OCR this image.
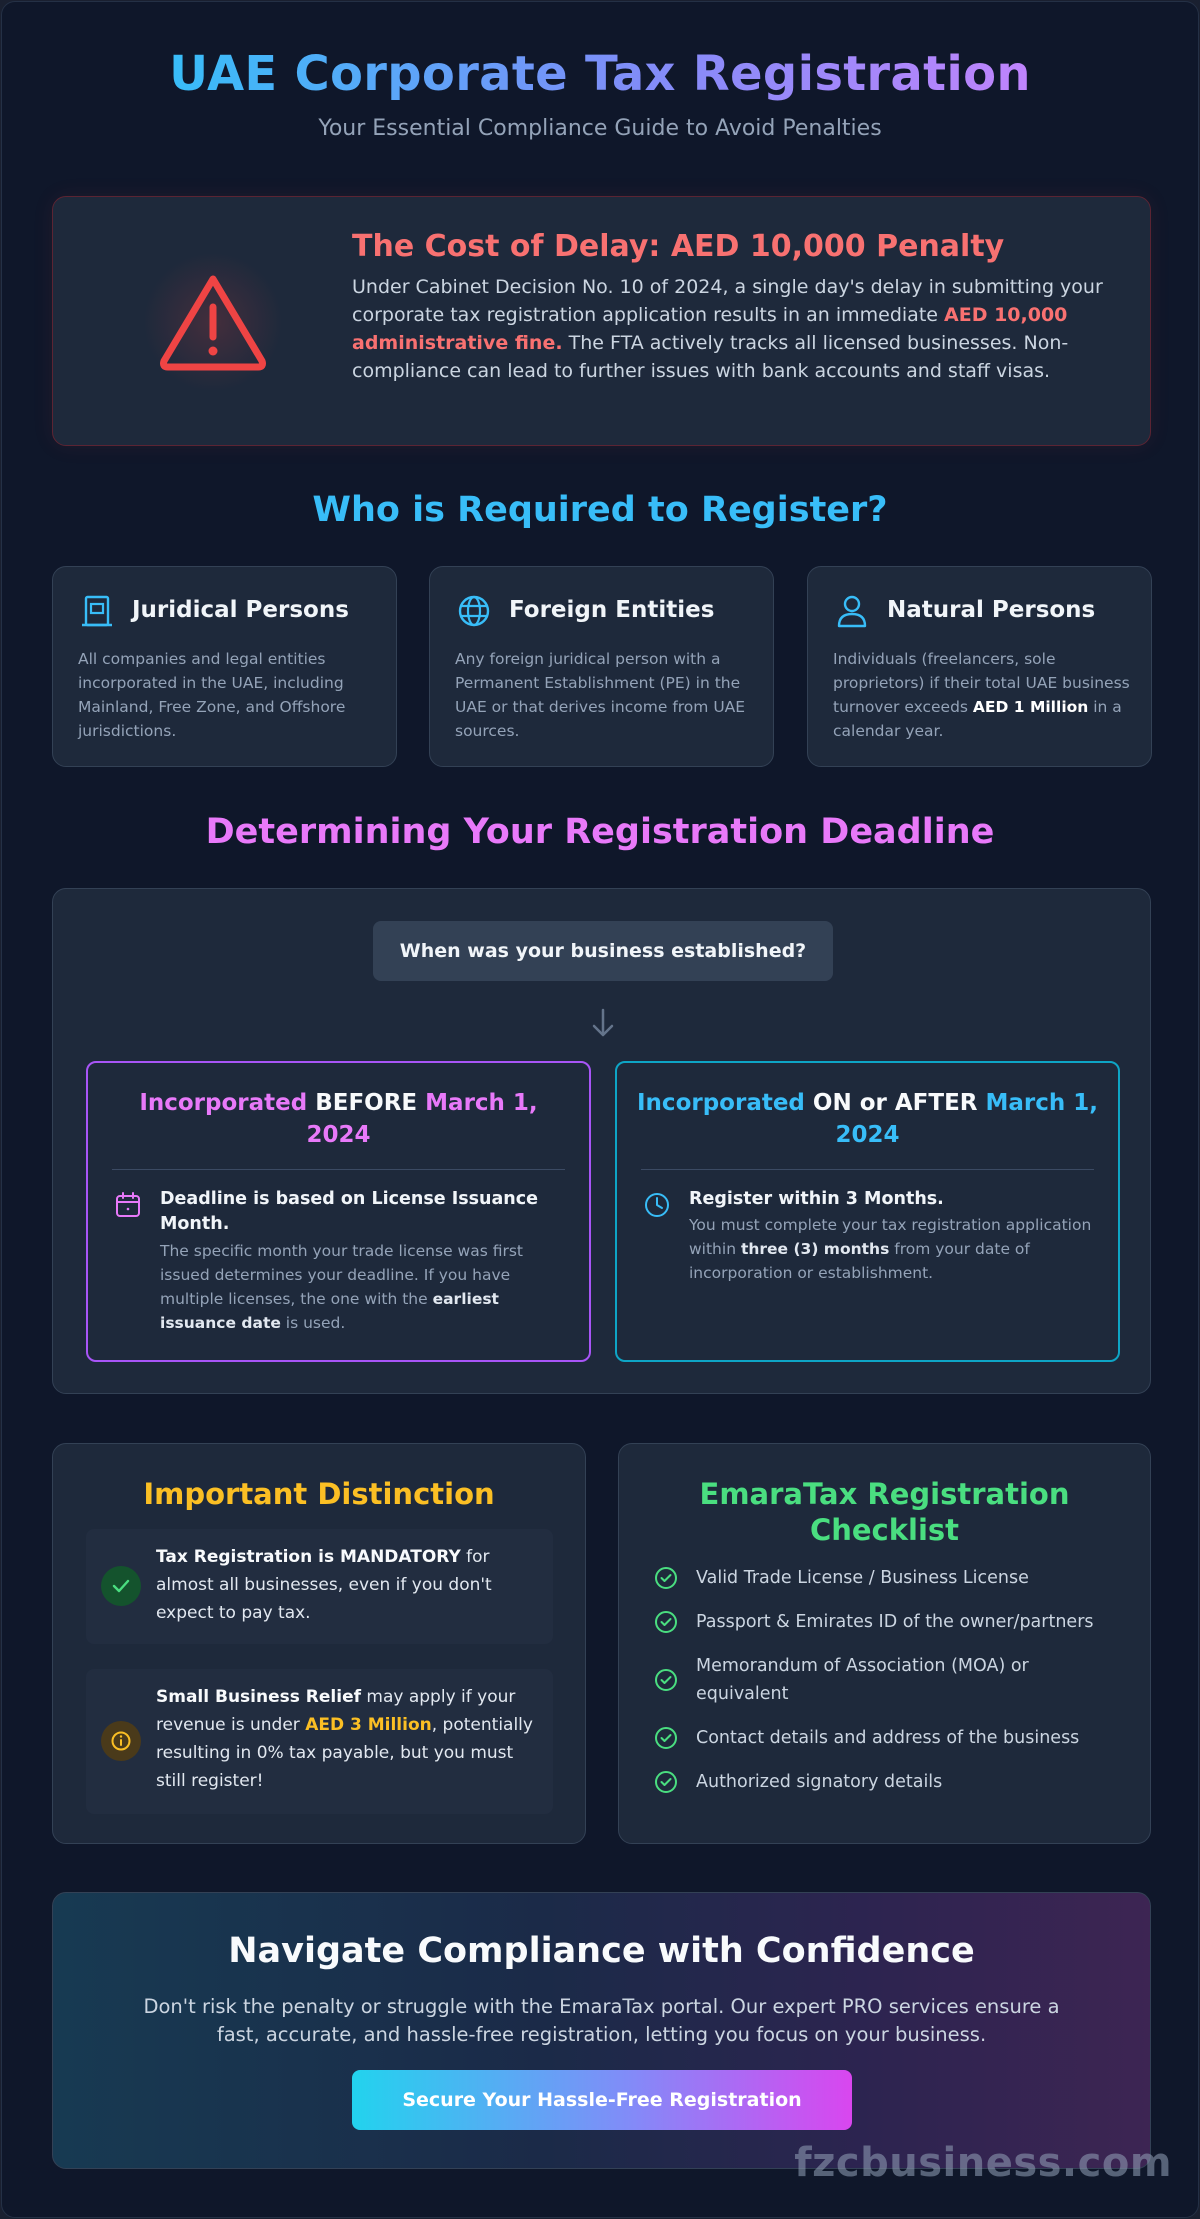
UAE Corporate Tax Registration
Your Essential Compliance Guide to Avoid Penalties
The Cost of Delay: AED 10,000 Penalty
Under Cabinet Decision No. 10 of 2024, a single day's delay in submitting your corporate tax registration application results in an immediate AED 10,000 administrative fine. The FTA actively tracks all licensed businesses. Non-compliance can lead to further issues with bank accounts and staff visas.
Who is Required to Register?
Juridical Persons

All companies and legal entities incorporated in the UAE, including Mainland, Free Zone, and Offshore jurisdictions.

Foreign Entities

Any foreign juridical person with a Permanent Establishment (PE) in the UAE or that derives income from UAE sources.

Natural Persons

Individuals (freelancers, sole proprietors) if their total UAE business turnover exceeds AED 1 Million in a calendar year.

Determining Your Registration Deadline
When was your business established?
Incorporated BEFORE March 1, 2024
Deadline is based on License Issuance Month.
The specific month your trade license was first issued determines your deadline. If you have multiple licenses, the one with the earliest issuance date is used.
Incorporated ON or AFTER March 1, 2024
Register within 3 Months.
You must complete your tax registration application within three (3) months from your date of incorporation or establishment.
Important Distinction

Tax Registration is MANDATORY for almost all businesses, even if you don't expect to pay tax.

Small Business Relief may apply if your revenue is under AED 3 Million, potentially resulting in 0% tax payable, but you must still register!

EmaraTax Registration Checklist
Valid Trade License / Business License
Passport & Emirates ID of the owner/partners
Memorandum of Association (MOA) or equivalent
Contact details and address of the business
Authorized signatory details
Navigate Compliance with Confidence

Don't risk the penalty or struggle with the EmaraTax portal. Our expert PRO services ensure a fast, accurate, and hassle-free registration, letting you focus on your business.

Secure Your Hassle-Free Registration
fzcbusiness.com
